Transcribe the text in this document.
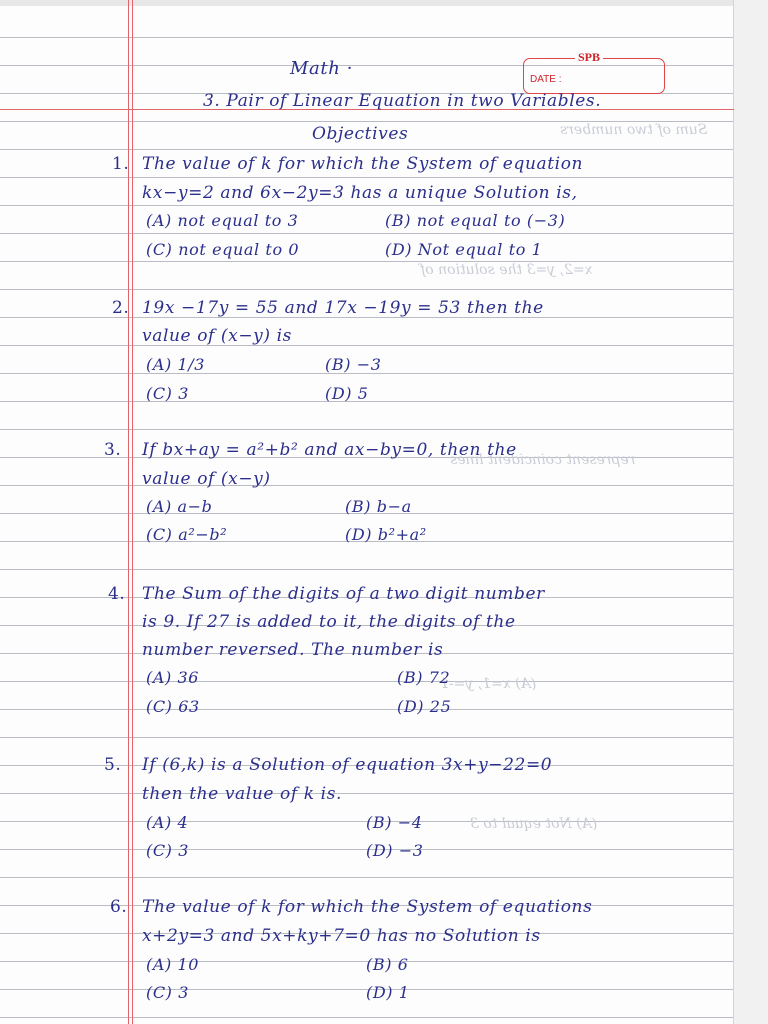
Sum of two numbers
x=2, y=3 the solution of
represent coincident lines
(A) x=1, y=-1
(A) Not equal to 3
SPB
DATE :
Math ·
3. Pair of Linear Equation in two Variables.
Objectives
1. The value of k for which the System of equation
kx−y=2 and 6x−2y=3 has a unique Solution is,
(A) not equal to 3	(B) not equal to (−3)
(C) not equal to 0	(D) Not equal to 1
2. 19x −17y = 55 and 17x −19y = 53 then the
value of (x−y) is
(A) 1/3	(B) −3
(C) 3	(D) 5
3. If bx+ay = a²+b² and ax−by=0, then the
value of (x−y)
(A) a−b	(B) b−a
(C) a²−b²	(D) b²+a²
4. The Sum of the digits of a two digit number
is 9. If 27 is added to it, the digits of the
number reversed. The number is
(A) 36	(B) 72
(C) 63	(D) 25
5. If (6,k) is a Solution of equation 3x+y−22=0
then the value of k is.
(A) 4	(B) −4
(C) 3	(D) −3
6. The value of k for which the System of equations
x+2y=3 and 5x+ky+7=0 has no Solution is
(A) 10	(B) 6
(C) 3	(D) 1
